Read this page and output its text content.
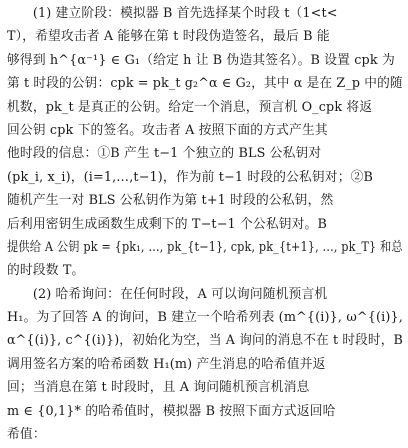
　　(1) 建立阶段：模拟器 B 首先选择某个时段 t（1<t<
T），希望攻击者 A 能够在第 t 时段伪造签名，最后 B 能
够得到 h^{α⁻¹} ∈ G₁（给定 h 让 B 伪造其签名）。B 设置 cpk 为
第 t 时段的公钥：cpk = pk_t g₂^α ∈ G₂，其中 α 是在 Z_p 中的随
机数，pk_t 是真正的公钥。给定一个消息，预言机 O_cpk 将返
回公钥 cpk 下的签名。攻击者 A 按照下面的方式产生其
他时段的信息：①B 产生 t−1 个独立的 BLS 公私钥对
(pk_i, x_i)，(i=1,…,t−1)，作为前 t−1 时段的公私钥对；②B
随机产生一对 BLS 公私钥作为第 t+1 时段的公私钥，然
后利用密钥生成函数生成剩下的 T−t−1 个公私钥对。B
提供给 A 公钥 pk = {pk₁, …, pk_{t−1}, cpk, pk_{t+1}, …, pk_T} 和总
的时段数 T。
　　(2) 哈希询问：在任何时段，A 可以询问随机预言机
H₁。为了回答 A 的询问，B 建立一个哈希列表 (m^{(i)}, ω^{(i)},
α^{(i)}, c^{(i)})，初始化为空，当 A 询问的消息不在 t 时段时，B
调用签名方案的哈希函数 H₁(m) 产生消息的哈希值并返
回；当消息在第 t 时段时，且 A 询问随机预言机消息
m ∈ {0,1}* 的哈希值时，模拟器 B 按照下面方式返回哈
希值：
